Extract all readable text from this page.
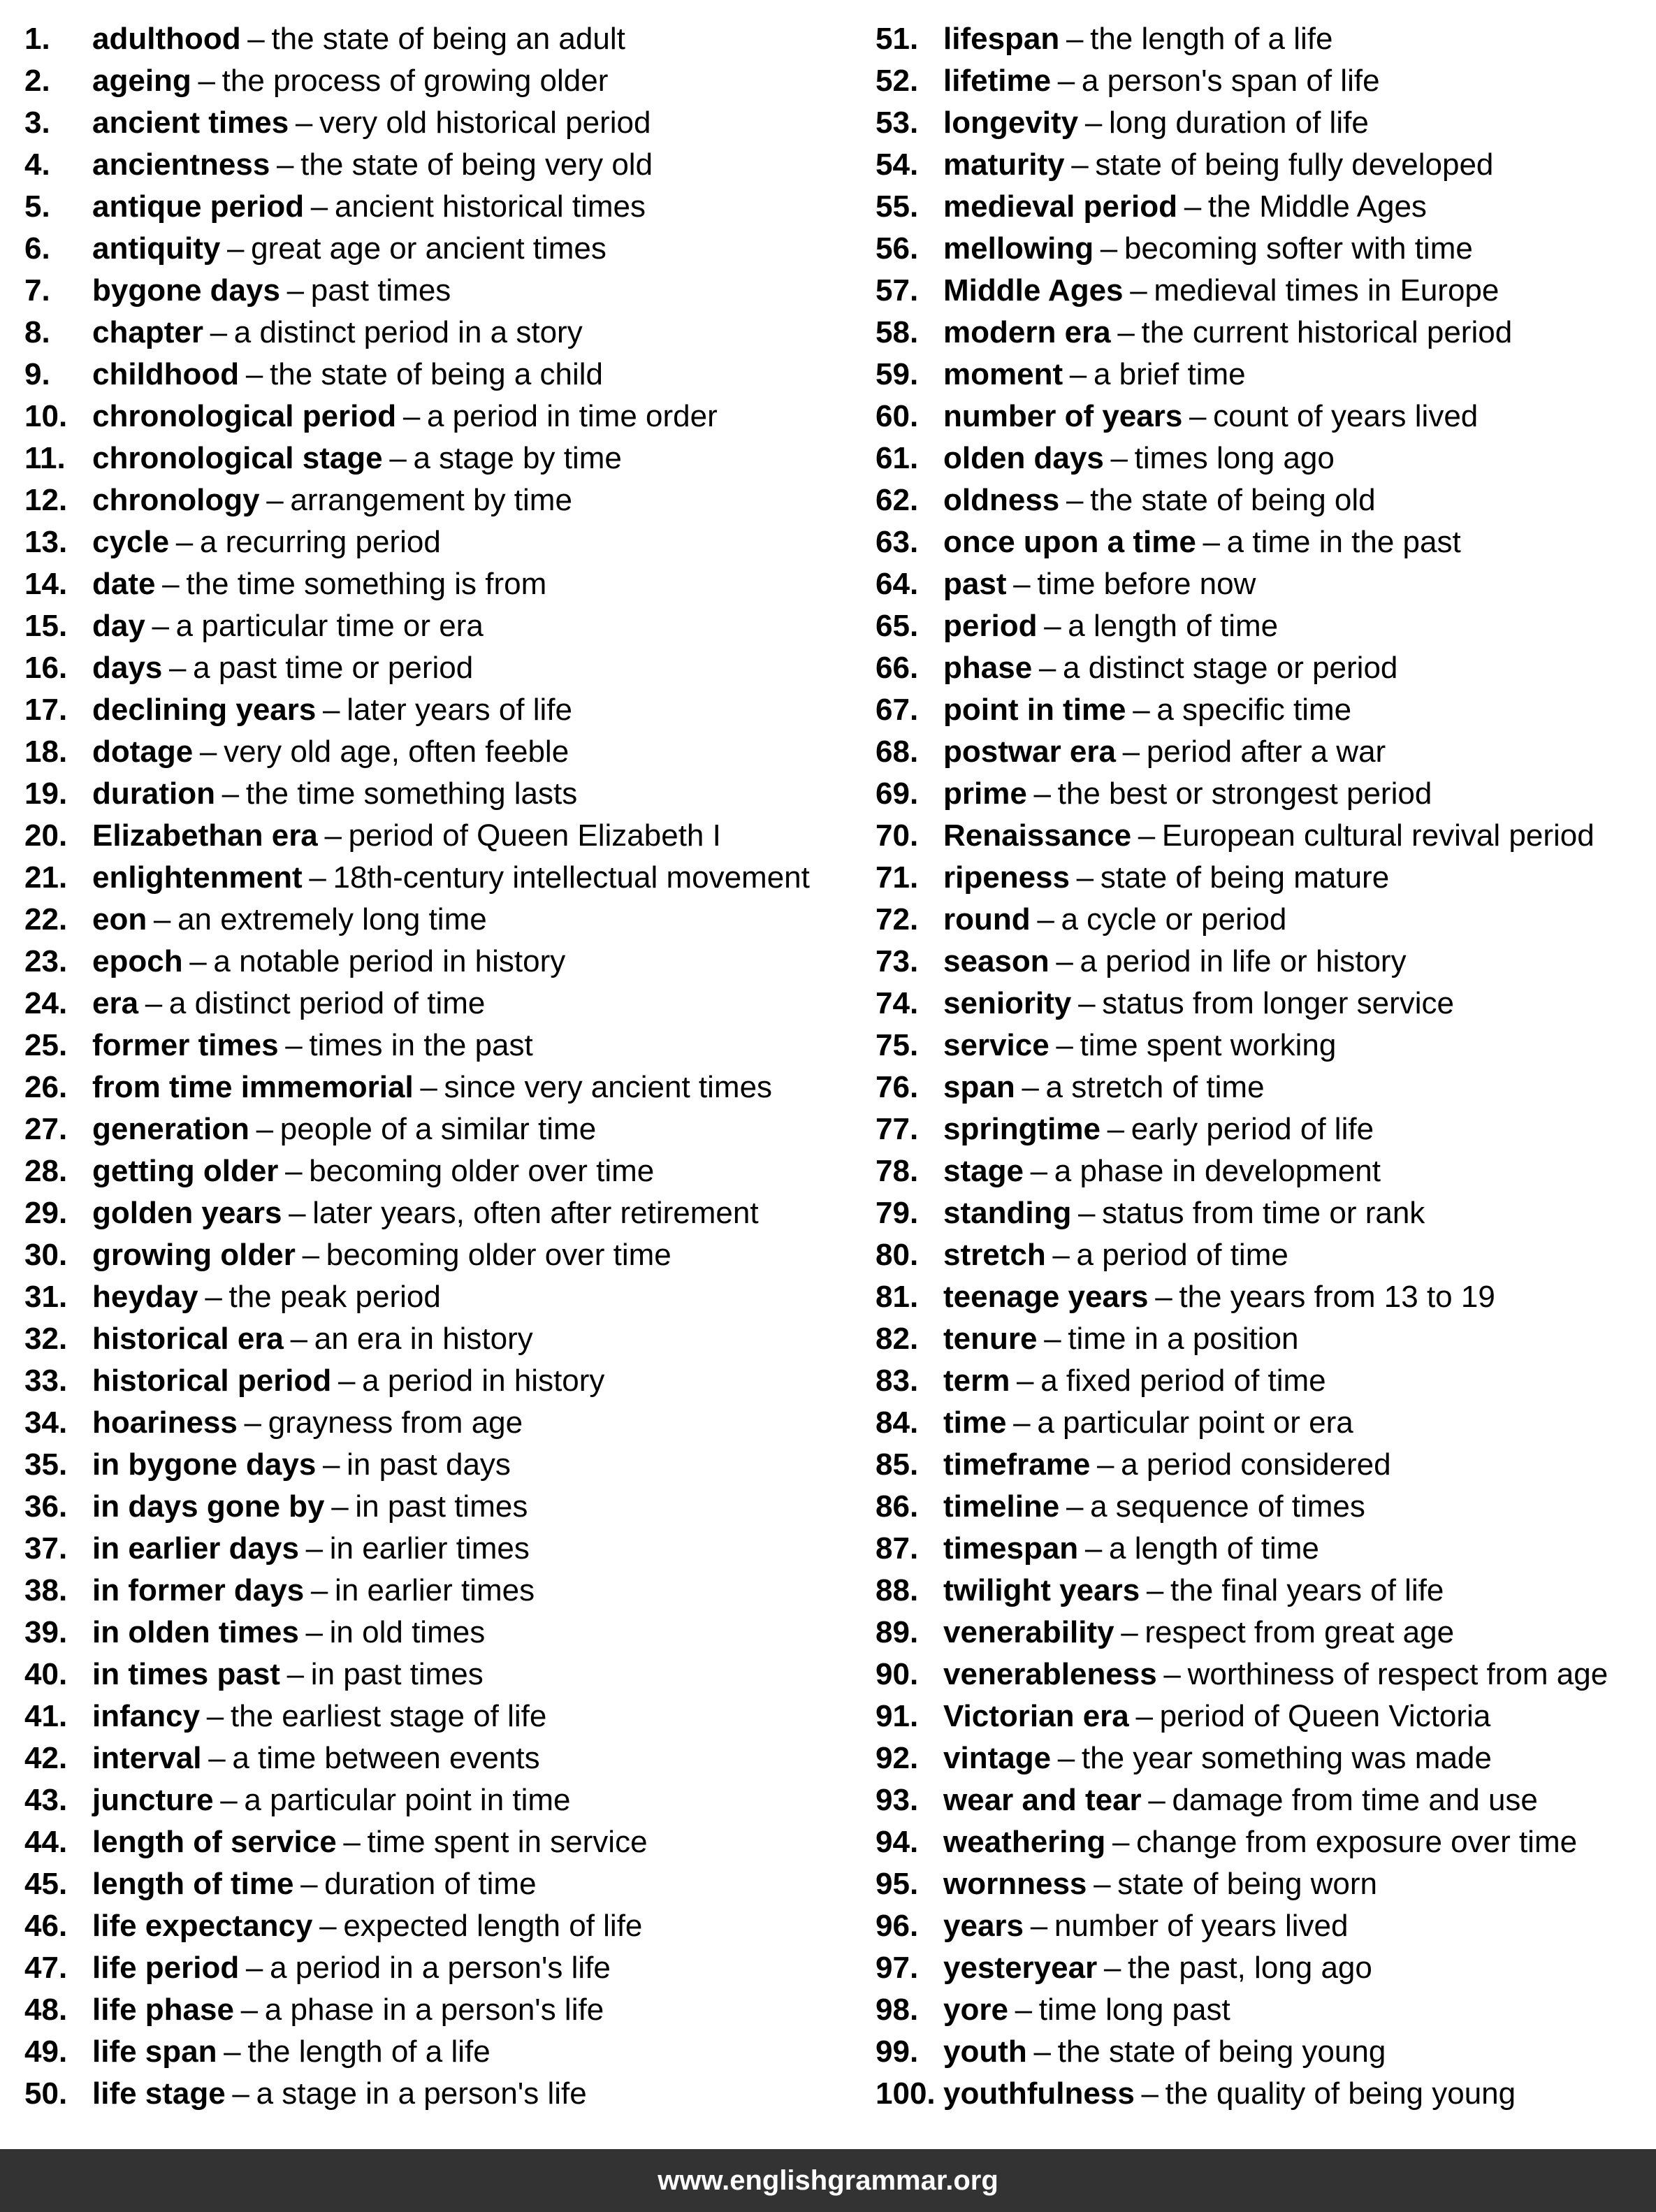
1.	adulthood – the state of being an adult
2.	ageing – the process of growing older
3.	ancient times – very old historical period
4.	ancientness – the state of being very old
5.	antique period – ancient historical times
6.	antiquity – great age or ancient times
7.	bygone days – past times
8.	chapter – a distinct period in a story
9.	childhood – the state of being a child
10. chronological period – a period in time order
11. chronological stage – a stage by time
12. chronology – arrangement by time
13. cycle – a recurring period
14. date – the time something is from
15. day – a particular time or era
16. days – a past time or period
17. declining years – later years of life
18. dotage – very old age, often feeble
19. duration – the time something lasts
20. Elizabethan era – period of Queen Elizabeth I
21. enlightenment – 18th-century intellectual movement
22. eon – an extremely long time
23. epoch – a notable period in history
24. era – a distinct period of time
25. former times – times in the past
26. from time immemorial – since very ancient times
27. generation – people of a similar time
28. getting older – becoming older over time
29. golden years – later years, often after retirement
30. growing older – becoming older over time
31. heyday – the peak period
32. historical era – an era in history
33. historical period – a period in history
34. hoariness – grayness from age
35. in bygone days – in past days
36. in days gone by – in past times
37. in earlier days – in earlier times
38. in former days – in earlier times
39. in olden times – in old times
40. in times past – in past times
41. infancy – the earliest stage of life
42. interval – a time between events
43. juncture – a particular point in time
44. length of service – time spent in service
45. length of time – duration of time
46. life expectancy – expected length of life
47. life period – a period in a person's life
48. life phase – a phase in a person's life
49. life span – the length of a life
50. life stage – a stage in a person's life
51. lifespan – the length of a life
52. lifetime – a person's span of life
53. longevity – long duration of life
54. maturity – state of being fully developed
55. medieval period – the Middle Ages
56. mellowing – becoming softer with time
57. Middle Ages – medieval times in Europe
58. modern era – the current historical period
59. moment – a brief time
60. number of years – count of years lived
61. olden days – times long ago
62. oldness – the state of being old
63. once upon a time – a time in the past
64. past – time before now
65. period – a length of time
66. phase – a distinct stage or period
67. point in time – a specific time
68. postwar era – period after a war
69. prime – the best or strongest period
70. Renaissance – European cultural revival period
71. ripeness – state of being mature
72. round – a cycle or period
73. season – a period in life or history
74. seniority – status from longer service
75. service – time spent working
76. span – a stretch of time
77. springtime – early period of life
78. stage – a phase in development
79. standing – status from time or rank
80. stretch – a period of time
81. teenage years – the years from 13 to 19
82. tenure – time in a position
83. term – a fixed period of time
84. time – a particular point or era
85. timeframe – a period considered
86. timeline – a sequence of times
87. timespan – a length of time
88. twilight years – the final years of life
89. venerability – respect from great age
90. venerableness – worthiness of respect from age
91. Victorian era – period of Queen Victoria
92. vintage – the year something was made
93. wear and tear – damage from time and use
94. weathering – change from exposure over time
95. wornness – state of being worn
96. years – number of years lived
97. yesteryear – the past, long ago
98. yore – time long past
99. youth – the state of being young
100. youthfulness – the quality of being young
www.englishgrammar.org
